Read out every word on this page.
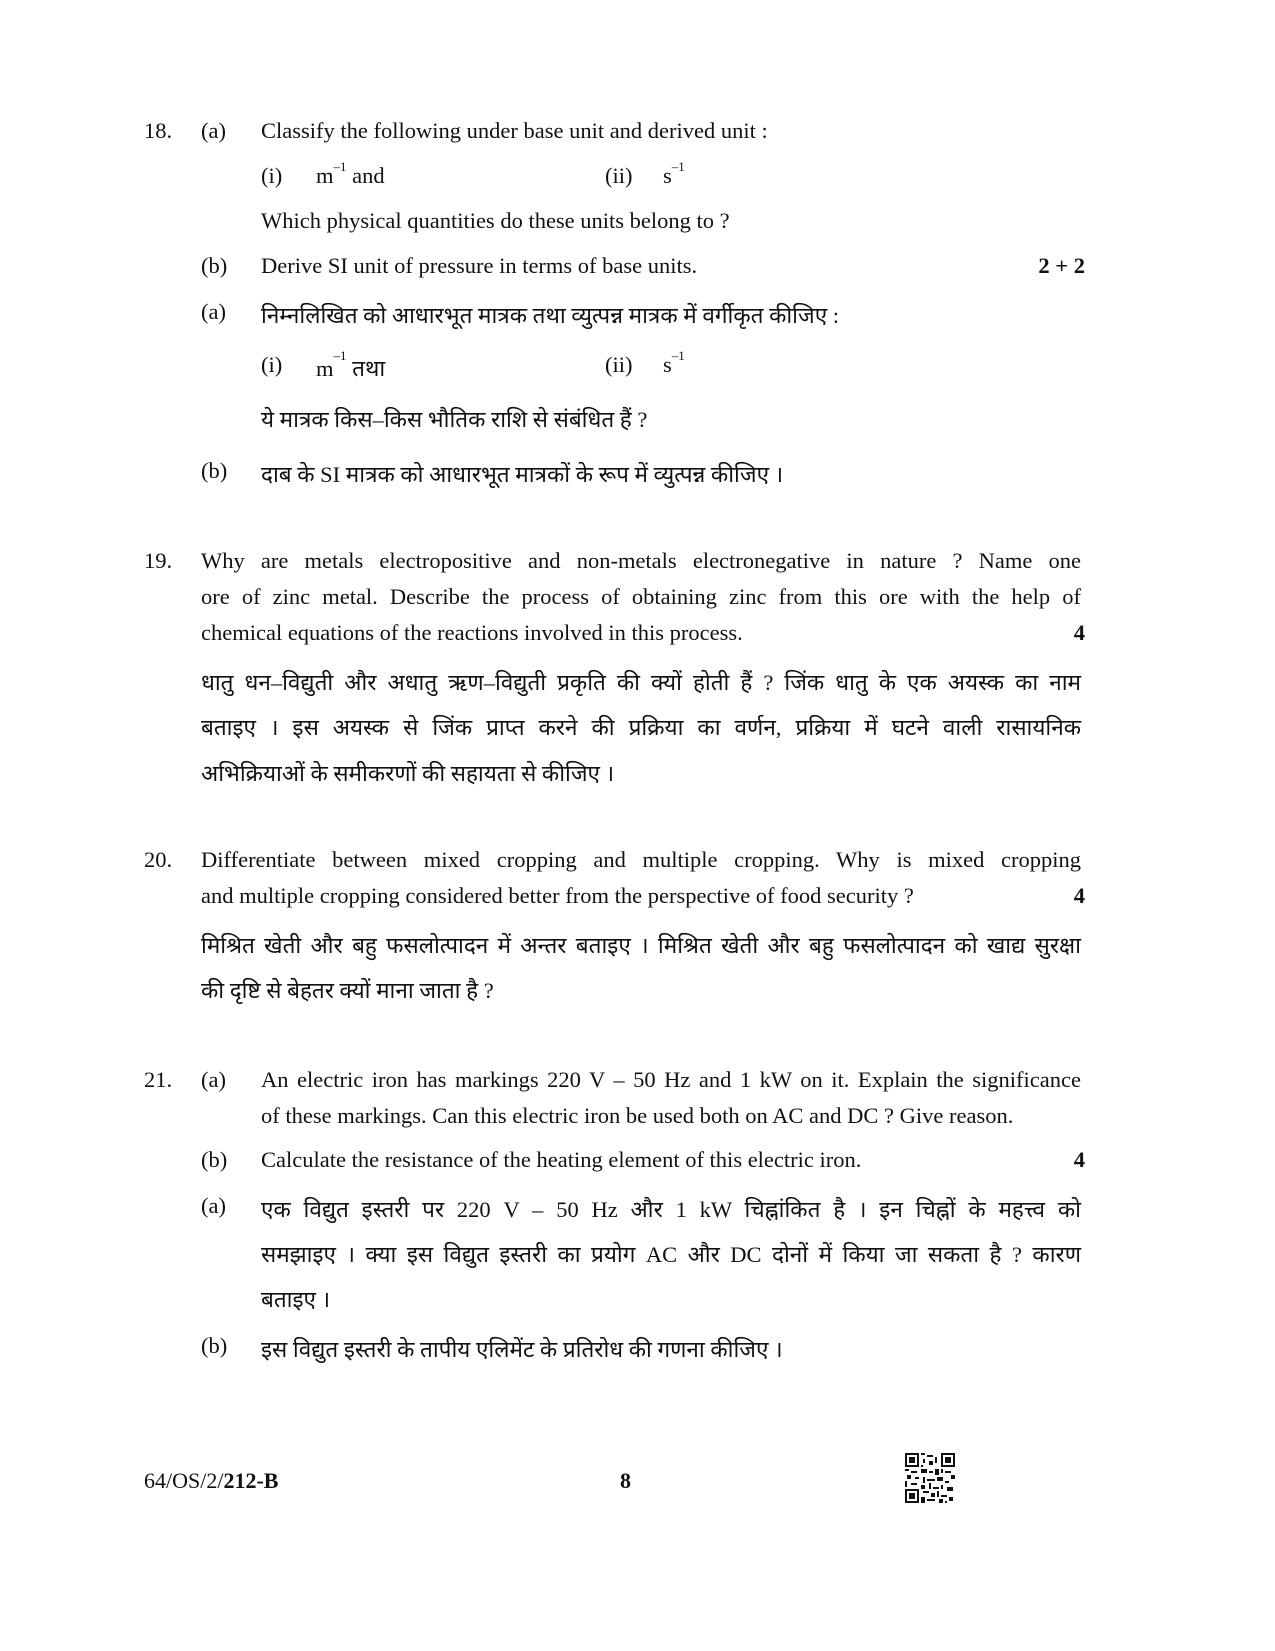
18. (a) Classify the following under base unit and derived unit :
(i) $m^{-1}$ and	(ii) $s^{-1}$
Which physical quantities do these units belong to ?
(b) Derive SI unit of pressure in terms of base units.	2 + 2
(a) निम्नलिखित को आधारभूत मात्रक तथा व्युत्पन्न मात्रक में वर्गीकृत कीजिए :
(i) $m^{-1}$ तथा	(ii) $s^{-1}$
ये मात्रक किस–किस भौतिक राशि से संबंधित हैं ?
(b) दाब के SI मात्रक को आधारभूत मात्रकों के रूप में व्युत्पन्न कीजिए ।
19. Why are metals electropositive and non-metals electronegative in nature ? Name one
ore of zinc metal. Describe the process of obtaining zinc from this ore with the help of
chemical equations of the reactions involved in this process.	4
धातु धन–विद्युती और अधातु ऋण–विद्युती प्रकृति की क्यों होती हैं ? जिंक धातु के एक अयस्क का नाम
बताइए । इस अयस्क से जिंक प्राप्त करने की प्रक्रिया का वर्णन, प्रक्रिया में घटने वाली रासायनिक
अभिक्रियाओं के समीकरणों की सहायता से कीजिए ।
20. Differentiate between mixed cropping and multiple cropping. Why is mixed cropping
and multiple cropping considered better from the perspective of food security ?	4
मिश्रित खेती और बहु फसलोत्पादन में अन्तर बताइए । मिश्रित खेती और बहु फसलोत्पादन को खाद्य सुरक्षा
की दृष्टि से बेहतर क्यों माना जाता है ?
21. (a) An electric iron has markings 220 V – 50 Hz and 1 kW on it. Explain the significance
of these markings. Can this electric iron be used both on AC and DC ? Give reason.
(b) Calculate the resistance of the heating element of this electric iron.	4
(a) एक विद्युत इस्तरी पर 220 V – 50 Hz और 1 kW चिह्नांकित है । इन चिह्नों के महत्त्व को
समझाइए । क्या इस विद्युत इस्तरी का प्रयोग AC और DC दोनों में किया जा सकता है ? कारण
बताइए ।
(b) इस विद्युत इस्तरी के तापीय एलिमेंट के प्रतिरोध की गणना कीजिए ।
64/OS/2/212-B	8
